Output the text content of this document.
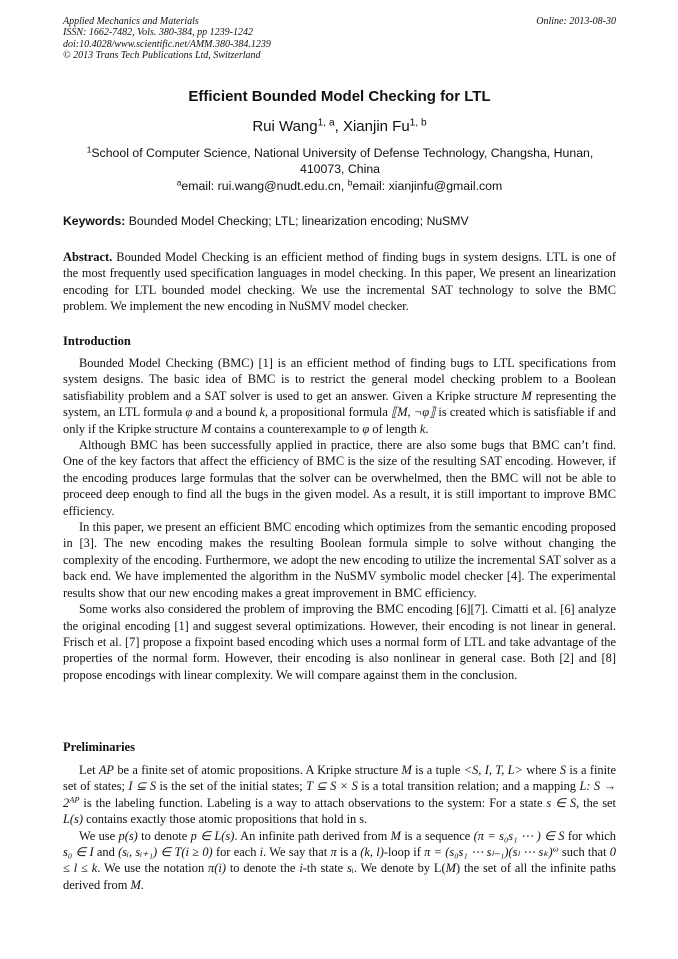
Applied Mechanics and Materials
ISSN: 1662-7482, Vols. 380-384, pp 1239-1242
doi:10.4028/www.scientific.net/AMM.380-384.1239
© 2013 Trans Tech Publications Ltd, Switzerland
Online: 2013-08-30
Efficient Bounded Model Checking for LTL
Rui Wang$^{1, a}$, Xianjin Fu$^{1, b}$
$^1$School of Computer Science, National University of Defense Technology, Changsha, Hunan, 410073, China
$^a$email: rui.wang@nudt.edu.cn, $^b$email: xianjinfu@gmail.com
Keywords: Bounded Model Checking; LTL; linearization encoding; NuSMV
Abstract. Bounded Model Checking is an efficient method of finding bugs in system designs. LTL is one of the most frequently used specification languages in model checking. In this paper, We present an linearization encoding for LTL bounded model checking. We use the incremental SAT technology to solve the BMC problem. We implement the new encoding in NuSMV model checker.
Introduction

Bounded Model Checking (BMC) [1] is an efficient method of finding bugs to LTL specifications from system designs. The basic idea of BMC is to restrict the general model checking problem to a Boolean satisfiability problem and a SAT solver is used to get an answer. Given a Kripke structure M representing the system, an LTL formula φ and a bound k, a propositional formula ⟦M, ¬φ⟧ is created which is satisfiable if and only if the Kripke structure M contains a counterexample to φ of length k.

Although BMC has been successfully applied in practice, there are also some bugs that BMC can’t find. One of the key factors that affect the efficiency of BMC is the size of the resulting SAT encoding. However, if the encoding produces large formulas that the solver can be overwhelmed, then the BMC will not be able to proceed deep enough to find all the bugs in the given model. As a result, it is still important to improve BMC efficiency.

In this paper, we present an efficient BMC encoding which optimizes from the semantic encoding proposed in [3]. The new encoding makes the resulting Boolean formula simple to solve without changing the complexity of the encoding. Furthermore, we adopt the new encoding to utilize the incremental SAT solver as a back end. We have implemented the algorithm in the NuSMV symbolic model checker [4]. The experimental results show that our new encoding makes a great improvement in BMC efficiency.

Some works also considered the problem of improving the BMC encoding [6][7]. Cimatti et al. [6] analyze the original encoding [1] and suggest several optimizations. However, their encoding is not linear in general. Frisch et al. [7] propose a fixpoint based encoding which uses a normal form of LTL and take advantage of the properties of the normal form. However, their encoding is also nonlinear in general case. Both [2] and [8] propose encodings with linear complexity. We will compare against them in the conclusion.

Preliminaries

Let AP be a finite set of atomic propositions. A Kripke structure M is a tuple <S, I, T, L> where S is a finite set of states; I ⊆ S is the set of the initial states; T ⊆ S × S is a total transition relation; and a mapping L: $S \to 2^{AP}$ is the labeling function. Labeling is a way to attach observations to the system: For a state s ∈ S, the set L(s) contains exactly those atomic propositions that hold in s.

We use p(s) to denote p ∈ L(s). An infinite path derived from M is a sequence (π = s₀s₁ ⋯ ) ∈ S for which s₀ ∈ I and (sᵢ, sᵢ₊₁) ∈ T(i ≥ 0) for each i. We say that π is a (k, l)-loop if π = (s₀s₁ ⋯ sₗ₋₁)(sₗ ⋯ sₖ)$^\omega$ such that 0 ≤ l ≤ k. We use the notation π(i) to denote the i-th state sᵢ. We denote by L(M) the set of all the infinite paths derived from M.
